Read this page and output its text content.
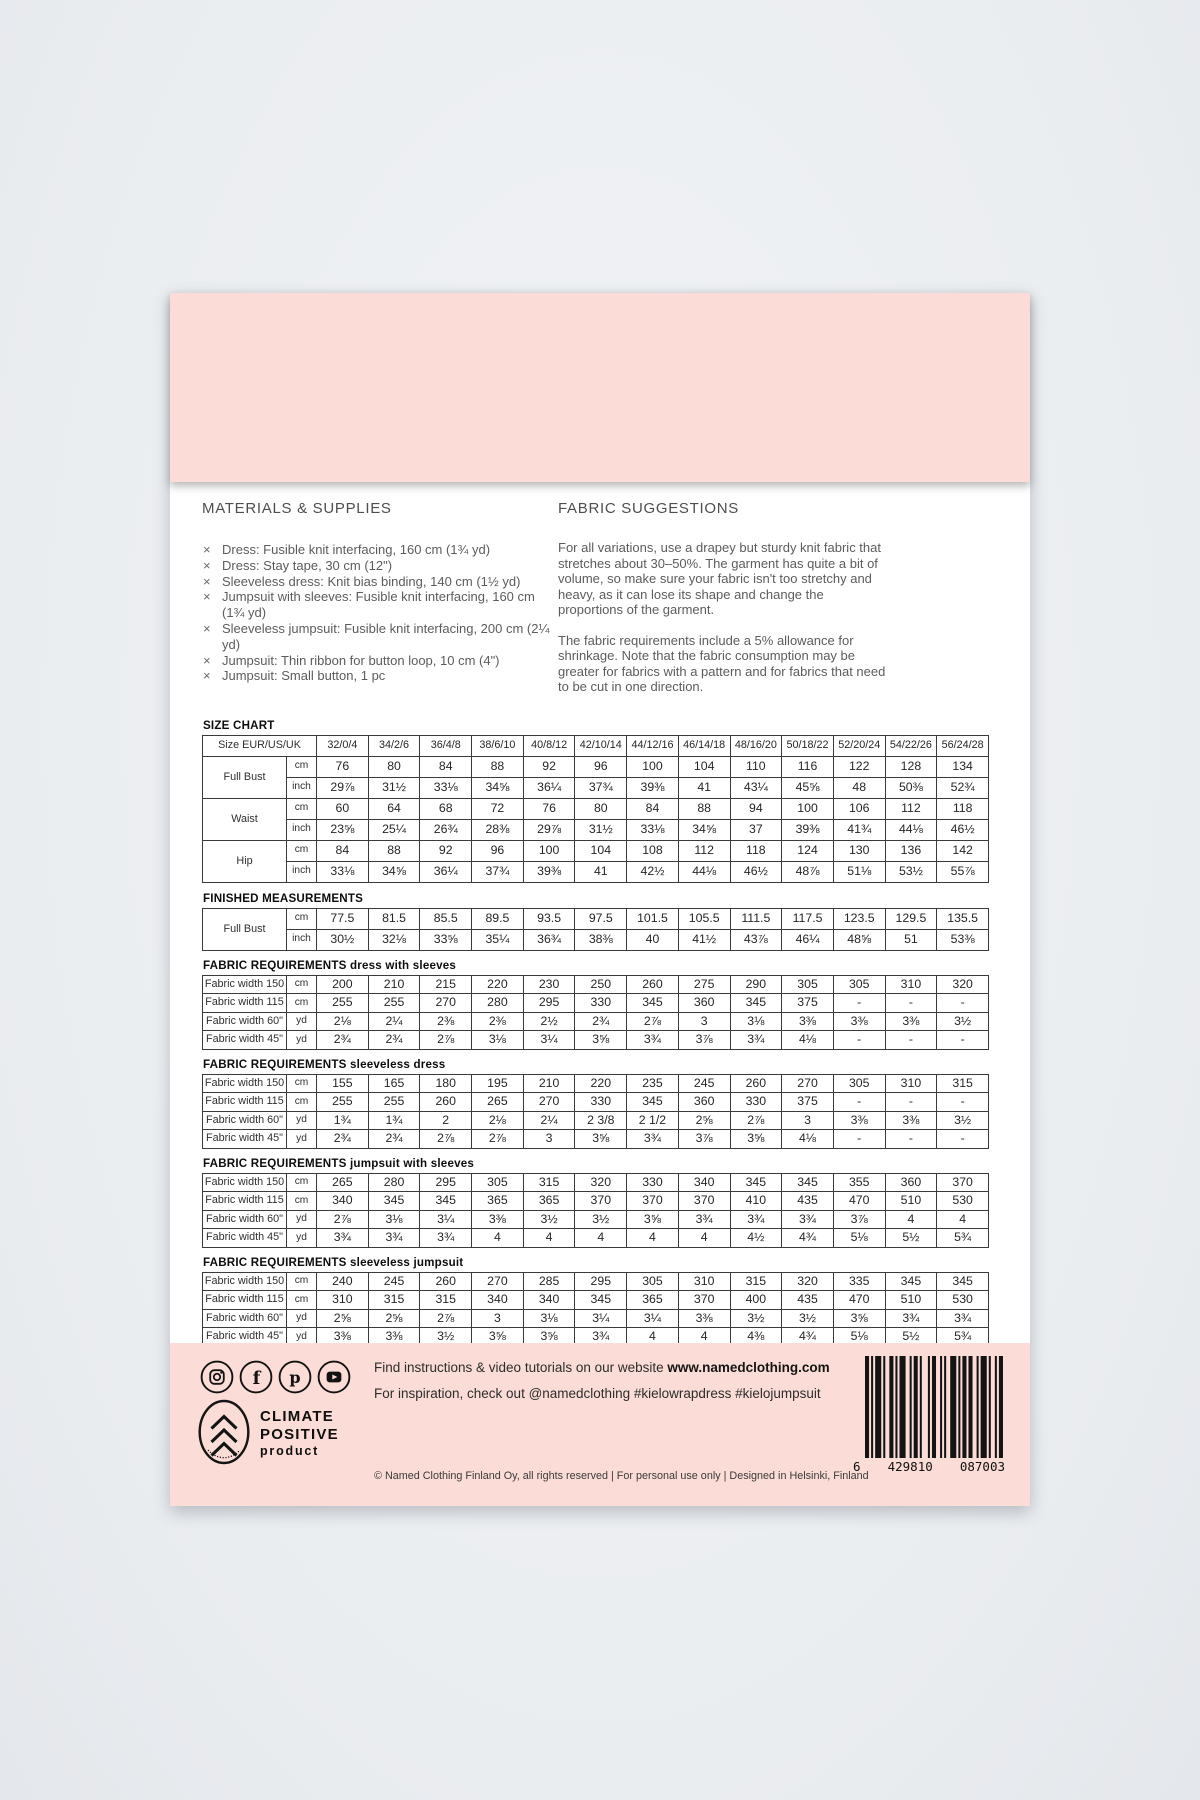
MATERIALS & SUPPLIES
× Dress: Fusible knit interfacing, 160 cm (1¾ yd)
× Dress: Stay tape, 30 cm (12")
× Sleeveless dress: Knit bias binding, 140 cm (1½ yd)
× Jumpsuit with sleeves: Fusible knit interfacing, 160 cm (1¾ yd)
× Sleeveless jumpsuit: Fusible knit interfacing, 200 cm (2¼ yd)
× Jumpsuit: Thin ribbon for button loop, 10 cm (4")
× Jumpsuit: Small button, 1 pc
FABRIC SUGGESTIONS

For all variations, use a drapey but sturdy knit fabric that stretches about 30–50%. The garment has quite a bit of volume, so make sure your fabric isn't too stretchy and heavy, as it can lose its shape and change the proportions of the garment.

The fabric requirements include a 5% allowance for shrinkage. Note that the fabric consumption may be greater for fabrics with a pattern and for fabrics that need to be cut in one direction.

SIZE CHART
Size EUR/US/UK		32/0/4	34/2/6	36/4/8	38/6/10	40/8/12	42/10/14	44/12/16	46/14/18	48/16/20	50/18/22	52/20/24	54/22/26	56/24/28
Full Bust	cm	76	80	84	88	92	96	100	104	110	116	122	128	134
	inch	29⅞	31½	33⅛	34⅝	36¼	37¾	39⅜	41	43¼	45⅝	48	50⅜	52¾
Waist	cm	60	64	68	72	76	80	84	88	94	100	106	112	118
	inch	23⅝	25¼	26¾	28⅜	29⅞	31½	33⅛	34⅝	37	39⅜	41¾	44⅛	46½
Hip	cm	84	88	92	96	100	104	108	112	118	124	130	136	142
	inch	33⅛	34⅝	36¼	37¾	39⅜	41	42½	44⅛	46½	48⅞	51⅛	53½	55⅞
FINISHED MEASUREMENTS
Full Bust	cm	77.5	81.5	85.5	89.5	93.5	97.5	101.5	105.5	111.5	117.5	123.5	129.5	135.5
	inch	30½	32⅛	33⅝	35¼	36¾	38⅜	40	41½	43⅞	46¼	48⅝	51	53⅜
FABRIC REQUIREMENTS dress with sleeves
Fabric width 150	cm	200	210	215	220	230	250	260	275	290	305	305	310	320
Fabric width 115	cm	255	255	270	280	295	330	345	360	345	375	-	-	-
Fabric width 60"	yd	2⅛	2¼	2⅜	2⅜	2½	2¾	2⅞	3	3⅛	3⅜	3⅜	3⅜	3½
Fabric width 45"	yd	2¾	2¾	2⅞	3⅛	3¼	3⅝	3¾	3⅞	3¾	4⅛	-	-	-
FABRIC REQUIREMENTS sleeveless dress
Fabric width 150	cm	155	165	180	195	210	220	235	245	260	270	305	310	315
Fabric width 115	cm	255	255	260	265	270	330	345	360	330	375	-	-	-
Fabric width 60"	yd	1¾	1¾	2	2⅛	2¼	2 3/8	2 1/2	2⅝	2⅞	3	3⅜	3⅜	3½
Fabric width 45"	yd	2¾	2¾	2⅞	2⅞	3	3⅝	3¾	3⅞	3⅝	4⅛	-	-	-
FABRIC REQUIREMENTS jumpsuit with sleeves
Fabric width 150	cm	265	280	295	305	315	320	330	340	345	345	355	360	370
Fabric width 115	cm	340	345	345	365	365	370	370	370	410	435	470	510	530
Fabric width 60"	yd	2⅞	3⅛	3¼	3⅜	3½	3½	3⅝	3¾	3¾	3¾	3⅞	4	4
Fabric width 45"	yd	3¾	3¾	3¾	4	4	4	4	4	4½	4¾	5⅛	5½	5¾
FABRIC REQUIREMENTS sleeveless jumpsuit
Fabric width 150	cm	240	245	260	270	285	295	305	310	315	320	335	345	345
Fabric width 115	cm	310	315	315	340	340	345	365	370	400	435	470	510	530
Fabric width 60"	yd	2⅝	2⅝	2⅞	3	3⅛	3¼	3¼	3⅜	3½	3½	3⅝	3¾	3¾
Fabric width 45"	yd	3⅜	3⅜	3½	3⅝	3⅝	3¾	4	4	4⅜	4¾	5⅛	5½	5¾
f p
Find instructions & video tutorials on our website www.namedclothing.com
For inspiration, check out @namedclothing #kielowrapdress #kielojumpsuit
CLIMATE
POSITIVE
product
© Named Clothing Finland Oy, all rights reserved | For personal use only | Designed in Helsinki, Finland
6 429810 087003
